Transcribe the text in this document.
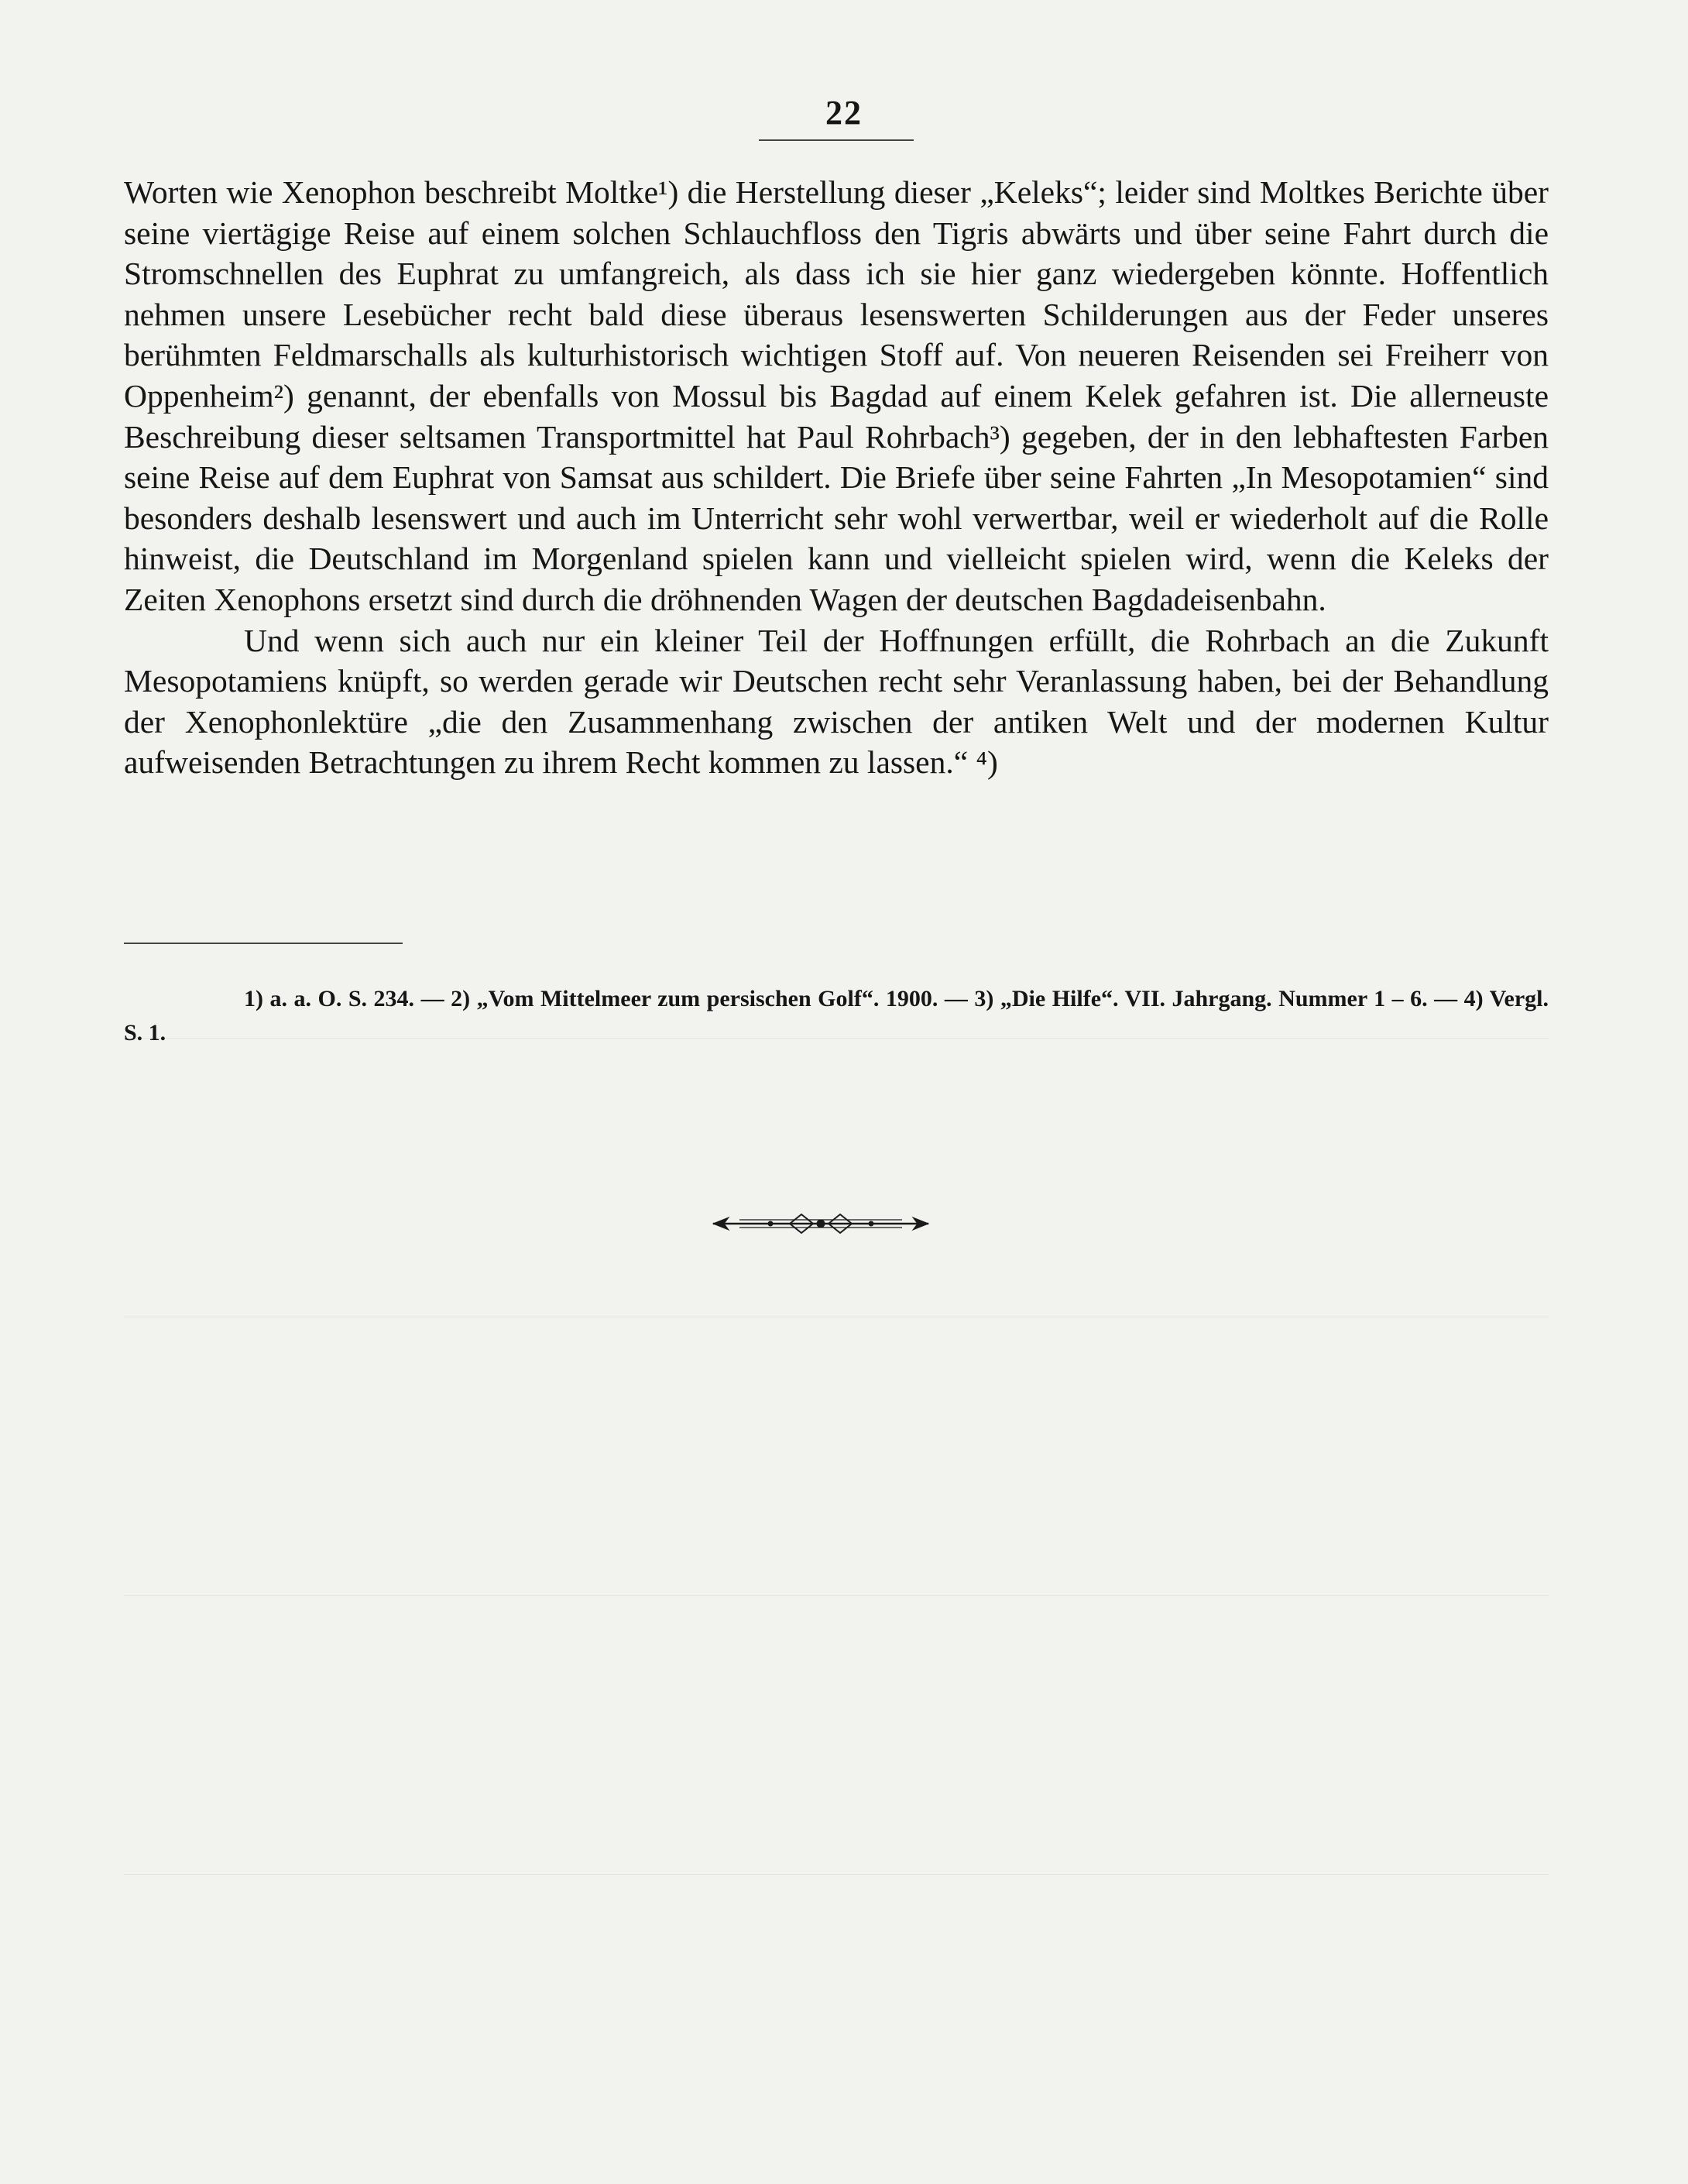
22

Worten wie Xenophon beschreibt Moltke¹) die Herstellung dieser „Keleks“; leider sind Moltkes Berichte über seine viertägige Reise auf einem solchen Schlauchfloss den Tigris abwärts und über seine Fahrt durch die Stromschnellen des Euphrat zu umfangreich, als dass ich sie hier ganz wiedergeben könnte. Hoffentlich nehmen unsere Lesebücher recht bald diese überaus lesenswerten Schilderungen aus der Feder unseres berühmten Feldmarschalls als kulturhistorisch wichtigen Stoff auf. Von neueren Reisenden sei Freiherr von Oppenheim²) genannt, der ebenfalls von Mossul bis Bagdad auf einem Kelek gefahren ist. Die allerneuste Beschreibung dieser seltsamen Transportmittel hat Paul Rohrbach³) gegeben, der in den lebhaftesten Farben seine Reise auf dem Euphrat von Samsat aus schildert. Die Briefe über seine Fahrten „In Mesopotamien“ sind besonders deshalb lesenswert und auch im Unterricht sehr wohl verwertbar, weil er wiederholt auf die Rolle hinweist, die Deutschland im Morgenland spielen kann und vielleicht spielen wird, wenn die Keleks der Zeiten Xenophons ersetzt sind durch die dröhnenden Wagen der deutschen Bagdadeisenbahn.

Und wenn sich auch nur ein kleiner Teil der Hoffnungen erfüllt, die Rohrbach an die Zukunft Mesopotamiens knüpft, so werden gerade wir Deutschen recht sehr Veranlassung haben, bei der Behandlung der Xenophonlektüre „die den Zusammenhang zwischen der antiken Welt und der modernen Kultur aufweisenden Betrachtungen zu ihrem Recht kommen zu lassen.“ ⁴)

1) a. a. O. S. 234. — 2) „Vom Mittelmeer zum persischen Golf“. 1900. — 3) „Die Hilfe“. VII. Jahrgang. Nummer 1 – 6. — 4) Vergl. S. 1.
